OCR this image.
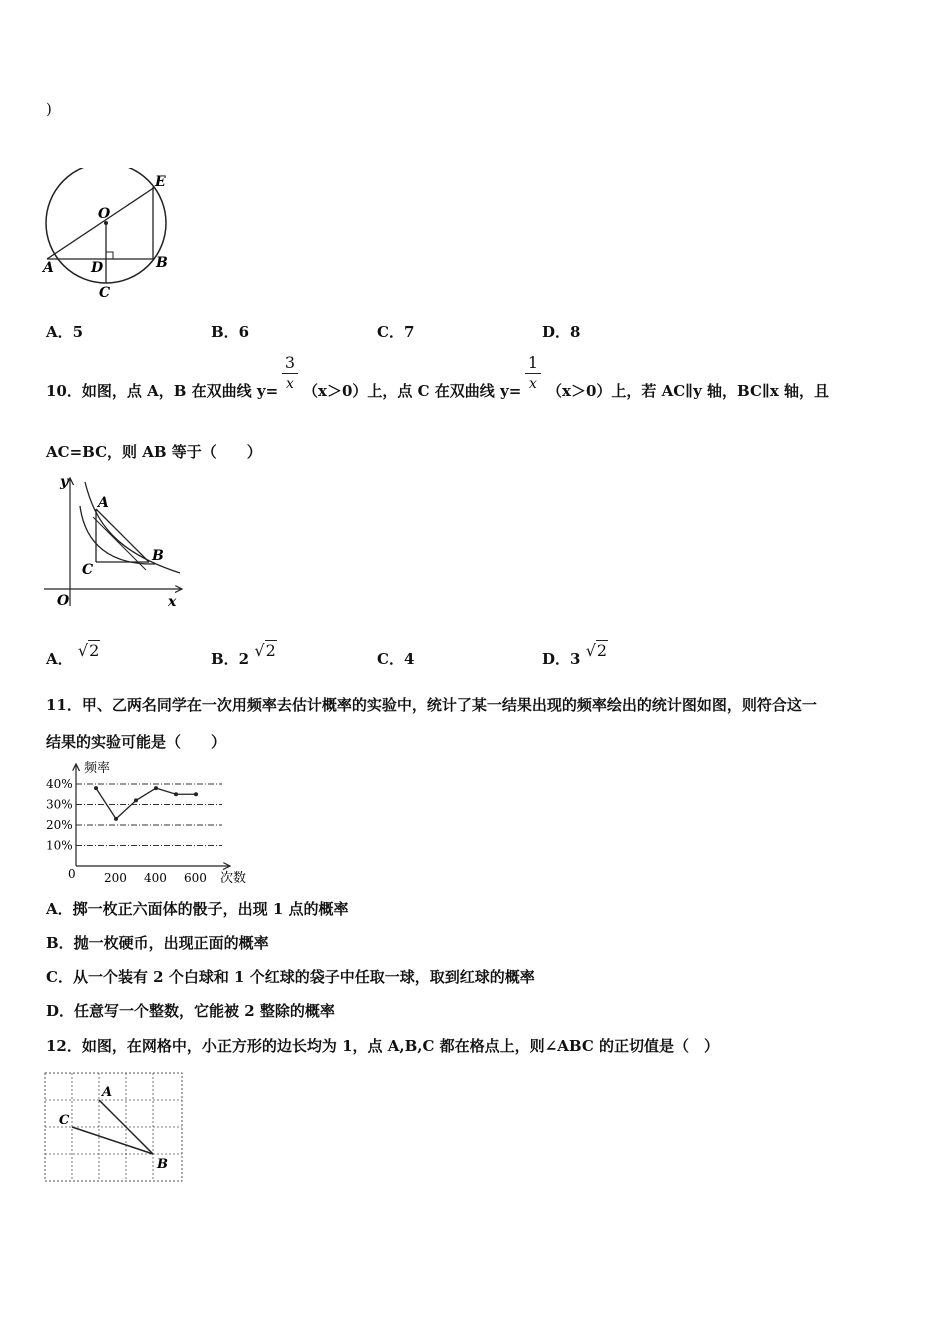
)
E
O
A	D	B
C
A．5	B．6	C．7	D．8
10．如图，点 A，B 在双曲线 $y= \frac{3}{x} (x>0)$上，点 C 在双曲线 $y= \frac{1}{x} (x>0)$上，若 AC∥y 轴，BC∥x 轴，且
AC=BC，则 AB 等于（　　）
y
A
B
C
O	x
A． √2	B．2 √2	C．4	D．3 √2
11．甲、乙两名同学在一次用频率去估计概率的实验中，统计了某一结果出现的频率绘出的统计图如图，则符合这一
结果的实验可能是（　　）
10%
20%
30%
40%
200 400 600
频率
次数
0
A．掷一枚正六面体的骰子，出现 1 点的概率
B．抛一枚硬币，出现正面的概率
C．从一个装有 2 个白球和 1 个红球的袋子中任取一球，取到红球的概率
D．任意写一个整数，它能被 2 整除的概率
12．如图，在网格中，小正方形的边长均为 1，点 A,B,C 都在格点上，则∠ABC 的正切值是（　）
A
B
C
